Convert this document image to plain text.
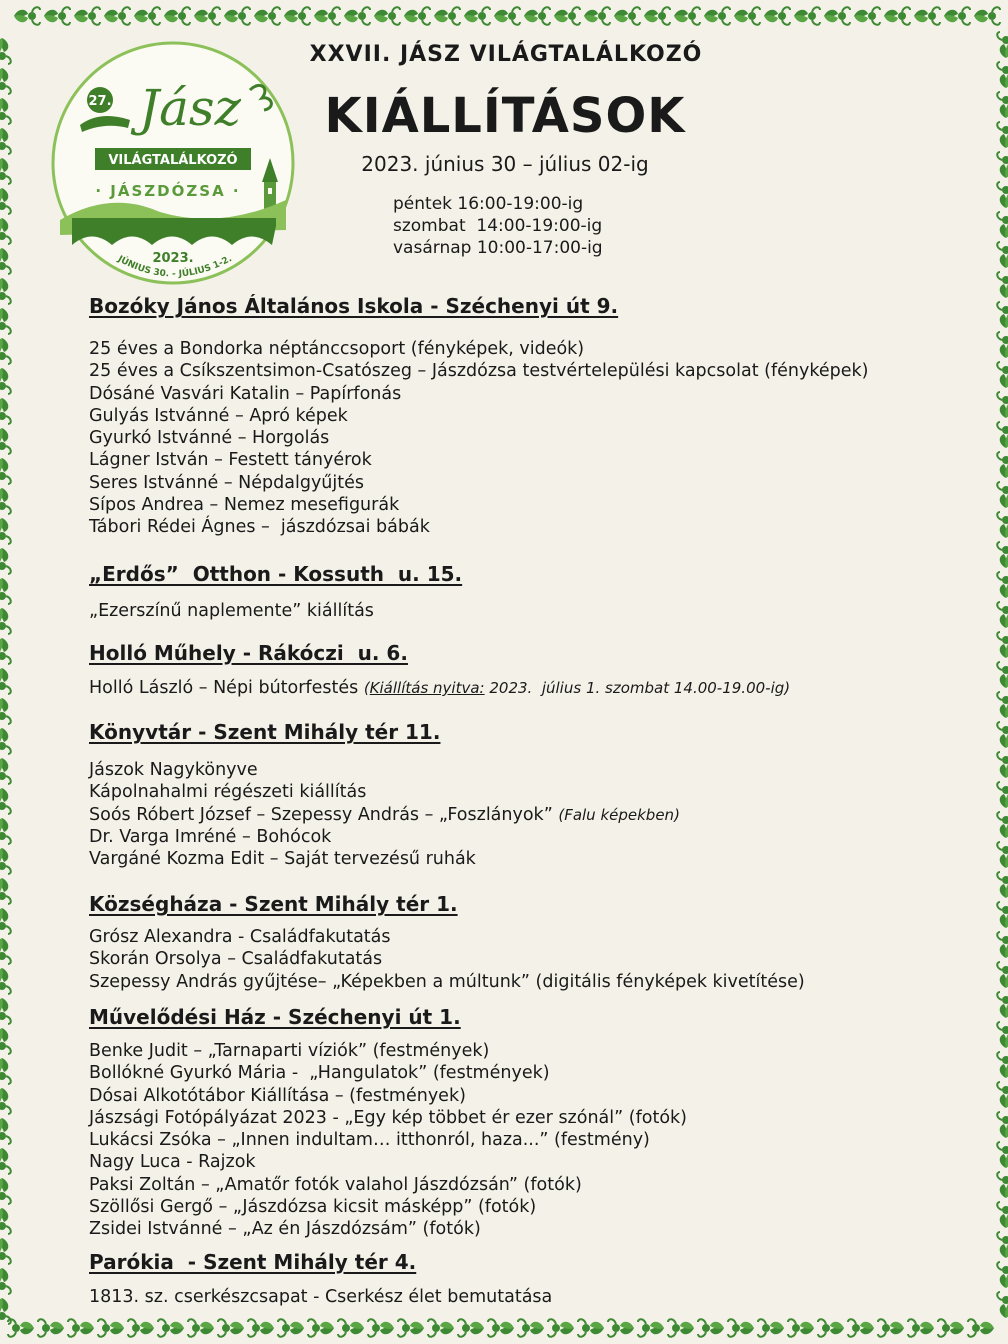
27. Jász
VILÁGTALÁLKOZÓ
· JÁSZDÓZSA ·
2023.
JÚNIUS 30. - JÚLIUS 1-2.
XXVII. JÁSZ VILÁGTALÁLKOZÓ
KIÁLLÍTÁSOK
2023. június 30 – július 02-ig
péntek 16:00-19:00-ig
szombat  14:00-19:00-ig
vasárnap 10:00-17:00-ig
Bozóky János Általános Iskola - Széchenyi út 9.
25 éves a Bondorka néptánccsoport (fényképek, videók)
25 éves a Csíkszentsimon-Csatószeg – Jászdózsa testvértelepülési kapcsolat (fényképek)
Dósáné Vasvári Katalin – Papírfonás
Gulyás Istvánné – Apró képek
Gyurkó Istvánné – Horgolás
Lágner István – Festett tányérok
Seres Istvánné – Népdalgyűjtés
Sípos Andrea – Nemez mesefigurák
Tábori Rédei Ágnes –  jászdózsai bábák
„Erdős”  Otthon - Kossuth  u. 15.
„Ezerszínű naplemente” kiállítás
Holló Műhely - Rákóczi  u. 6.
Holló László – Népi bútorfestés (Kiállítás nyitva: 2023.  július 1. szombat 14.00-19.00-ig)
Könyvtár - Szent Mihály tér 11.
Jászok Nagykönyve
Kápolnahalmi régészeti kiállítás
Soós Róbert József – Szepessy András – „Foszlányok” (Falu képekben)
Dr. Varga Imréné – Bohócok
Vargáné Kozma Edit – Saját tervezésű ruhák
Községháza - Szent Mihály tér 1.
Grósz Alexandra - Családfakutatás
Skorán Orsolya – Családfakutatás
Szepessy András gyűjtése– „Képekben a múltunk” (digitális fényképek kivetítése)
Művelődési Ház - Széchenyi út 1.
Benke Judit – „Tarnaparti víziók” (festmények)
Bollókné Gyurkó Mária -  „Hangulatok” (festmények)
Dósai Alkotótábor Kiállítása – (festmények)
Jászsági Fotópályázat 2023 - „Egy kép többet ér ezer szónál” (fotók)
Lukácsi Zsóka – „Innen indultam… itthonról, haza...” (festmény)
Nagy Luca - Rajzok
Paksi Zoltán – „Amatőr fotók valahol Jászdózsán” (fotók)
Szöllősi Gergő – „Jászdózsa kicsit másképp” (fotók)
Zsidei Istvánné – „Az én Jászdózsám” (fotók)
Parókia  - Szent Mihály tér 4.
1813. sz. cserkészcsapat - Cserkész élet bemutatása
